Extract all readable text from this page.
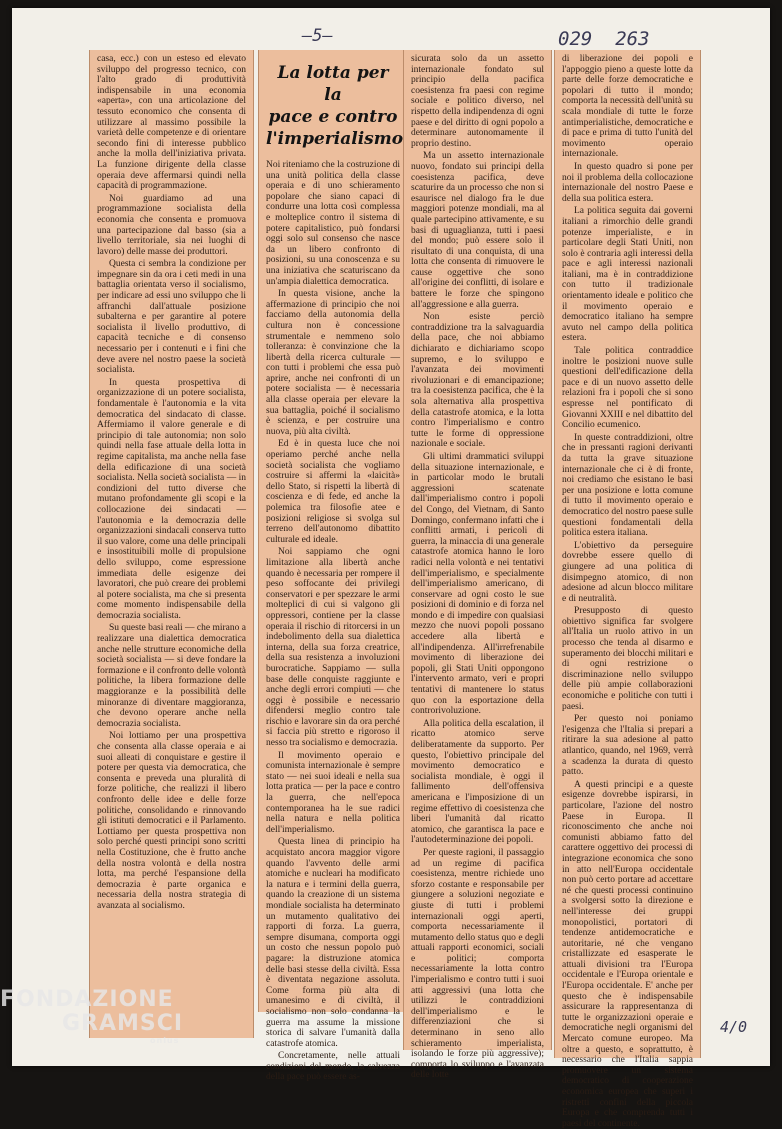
—5—	029  263
4/0

casa, ecc.) con un esteso ed elevato sviluppo del progresso tecnico, con l'alto grado di produttività indispensabile in una economia «aperta», con una articolazione del tessuto economico che consenta di utilizzare al massimo possibile la varietà delle competenze e di orientare secondo fini di interesse pubblico anche la molla dell'iniziativa privata. La funzione dirigente della classe operaia deve affermarsi quindi nella capacità di programmazione.

Noi guardiamo ad una programmazione socialista della economia che consenta e promuova una partecipazione dal basso (sia a livello territoriale, sia nei luoghi di lavoro) delle masse dei produttori.

Questa ci sembra la condizione per impegnare sin da ora i ceti medi in una battaglia orientata verso il socialismo, per indicare ad essi uno sviluppo che li affranchi dall'attuale posizione subalterna e per garantire al potere socialista il livello produttivo, di capacità tecniche e di consenso necessario per i contenuti e i fini che deve avere nel nostro paese la società socialista.

In questa prospettiva di organizzazione di un potere socialista, fondamentale è l'autonomia e la vita democratica del sindacato di classe. Affermiamo il valore generale e di principio di tale autonomia; non solo quindi nella fase attuale della lotta in regime capitalista, ma anche nella fase della edificazione di una società socialista. Nella società socialista — in condizioni del tutto diverse che mutano profondamente gli scopi e la collocazione dei sindacati — l'autonomia e la democrazia delle organizzazioni sindacali conserva tutto il suo valore, come una delle principali e insostituibili molle di propulsione dello sviluppo, come espressione immediata delle esigenze dei lavoratori, che può creare dei problemi al potere socialista, ma che si presenta come momento indispensabile della democrazia socialista.

Su queste basi reali — che mirano a realizzare una dialettica democratica anche nelle strutture economiche della società socialista — si deve fondare la formazione e il confronto delle volontà politiche, la libera formazione delle maggioranze e la possibilità delle minoranze di diventare maggioranza, che devono operare anche nella democrazia socialista.

Noi lottiamo per una prospettiva che consenta alla classe operaia e ai suoi alleati di conquistare e gestire il potere per questa via democratica, che consenta e preveda una pluralità di forze politiche, che realizzi il libero confronto delle idee e delle forze politiche, consolidando e rinnovando gli istituti democratici e il Parlamento. Lottiamo per questa prospettiva non solo perché questi principi sono scritti nella Costituzione, che è frutto anche della nostra volontà e della nostra lotta, ma perché l'espansione della democrazia è parte organica e necessaria della nostra strategia di avanzata al socialismo.

La lotta per la
pace e contro
l'imperialismo

Noi riteniamo che la costruzione di una unità politica della classe operaia e di uno schieramento popolare che siano capaci di condurre una lotta così complessa e molteplice contro il sistema di potere capitalistico, può fondarsi oggi solo sul consenso che nasce da un libero confronto di posizioni, su una conoscenza e su una iniziativa che scaturiscano da un'ampia dialettica democratica.

In questa visione, anche la affermazione di principio che noi facciamo della autonomia della cultura non è concessione strumentale e nemmeno solo tolleranza: è convinzione che la libertà della ricerca culturale — con tutti i problemi che essa può aprire, anche nei confronti di un potere socialista — è necessaria alla classe operaia per elevare la sua battaglia, poiché il socialismo è scienza, e per costruire una nuova, più alta civiltà.

Ed è in questa luce che noi operiamo perché anche nella società socialista che vogliamo costruire si affermi la «laicità» dello Stato, si rispetti la libertà di coscienza e di fede, ed anche la polemica tra filosofie atee e posizioni religiose si svolga sul terreno dell'autonomo dibattito culturale ed ideale.

Noi sappiamo che ogni limitazione alla libertà anche quando è necessaria per rompere il peso soffocante dei privilegi conservatori e per spezzare le armi molteplici di cui si valgono gli oppressori, contiene per la classe operaia il rischio di ritorcersi in un indebolimento della sua dialettica interna, della sua forza creatrice, della sua resistenza a involuzioni burocratiche. Sappiamo — sulla base delle conquiste raggiunte e anche degli errori compiuti — che oggi è possibile e necessario difendersi meglio contro tale rischio e lavorare sin da ora perché si faccia più stretto e rigoroso il nesso tra socialismo e democrazia.

Il movimento operaio e comunista internazionale è sempre stato — nei suoi ideali e nella sua lotta pratica — per la pace e contro la guerra, che nell'epoca contemporanea ha le sue radici nella natura e nella politica dell'imperialismo.

Questa linea di principio ha acquistato ancora maggior vigore quando l'avvento delle armi atomiche e nucleari ha modificato la natura e i termini della guerra, quando la creazione di un sistema mondiale socialista ha determinato un mutamento qualitativo dei rapporti di forza. La guerra, sempre disumana, comporta oggi un costo che nessun popolo può pagare: la distruzione atomica delle basi stesse della civiltà. Essa è diventata negazione assoluta. Come forma più alta di umanesimo e di civiltà, il socialismo non solo condanna la guerra ma assume la missione storica di salvare l'umanità dalla catastrofe atomica.

Concretamente, nelle attuali condizioni del mondo, la salvezza della pace può essere as-

sicurata solo da un assetto internazionale fondato sul principio della pacifica coesistenza fra paesi con regime sociale e politico diverso, nel rispetto della indipendenza di ogni paese e del diritto di ogni popolo a determinare autonomamente il proprio destino.

Ma un assetto internazionale nuovo, fondato sui principi della coesistenza pacifica, deve scaturire da un processo che non si esaurisce nel dialogo fra le due maggiori potenze mondiali, ma al quale partecipino attivamente, e su basi di uguaglianza, tutti i paesi del mondo; può essere solo il risultato di una conquista, di una lotta che consenta di rimuovere le cause oggettive che sono all'origine dei conflitti, di isolare e battere le forze che spingono all'aggressione e alla guerra.

Non esiste perciò contraddizione tra la salvaguardia della pace, che noi abbiamo dichiarato e dichiariamo scopo supremo, e lo sviluppo e l'avanzata dei movimenti rivoluzionari e di emancipazione; tra la coesistenza pacifica, che è la sola alternativa alla prospettiva della catastrofe atomica, e la lotta contro l'imperialismo e contro tutte le forme di oppressione nazionale e sociale.

Gli ultimi drammatici sviluppi della situazione internazionale, e in particolar modo le brutali aggressioni scatenate dall'imperialismo contro i popoli del Congo, del Vietnam, di Santo Domingo, confermano infatti che i conflitti armati, i pericoli di guerra, la minaccia di una generale catastrofe atomica hanno le loro radici nella volontà e nei tentativi dell'imperialismo, e specialmente dell'imperialismo americano, di conservare ad ogni costo le sue posizioni di dominio e di forza nel mondo e di impedire con qualsiasi mezzo che nuovi popoli possano accedere alla libertà e all'indipendenza. All'irrefrenabile movimento di liberazione dei popoli, gli Stati Uniti oppongono l'intervento armato, veri e propri tentativi di mantenere lo status quo con la esportazione della controrivoluzione.

Alla politica della escalation, il ricatto atomico serve deliberatamente da supporto. Per questo, l'obiettivo principale del movimento democratico e socialista mondiale, è oggi il fallimento dell'offensiva americana e l'imposizione di un regime effettivo di coesistenza che liberi l'umanità dal ricatto atomico, che garantisca la pace e l'autodeterminazione dei popoli.

Per queste ragioni, il passaggio ad un regime di pacifica coesistenza, mentre richiede uno sforzo costante e responsabile per giungere a soluzioni negoziate e giuste di tutti i problemi internazionali oggi aperti, comporta necessariamente il mutamento dello status quo e degli attuali rapporti economici, sociali e politici; comporta necessariamente la lotta contro l'imperialismo e contro tutti i suoi atti aggressivi (una lotta che utilizzi le contraddizioni dell'imperialismo e le differenziazioni che si determinano in seno allo schieramento imperialista, isolando le forze più aggressive); comporta lo sviluppo e l'avanzata delle lotte

di liberazione dei popoli e l'appoggio pieno a queste lotte da parte delle forze democratiche e popolari di tutto il mondo; comporta la necessità dell'unità su scala mondiale di tutte le forze antimperialistiche, democratiche e di pace e prima di tutto l'unità del movimento operaio internazionale.

In questo quadro si pone per noi il problema della collocazione internazionale del nostro Paese e della sua politica estera.

La politica seguita dai governi italiani a rimorchio delle grandi potenze imperialiste, e in particolare degli Stati Uniti, non solo è contraria agli interessi della pace e agli interessi nazionali italiani, ma è in contraddizione con tutto il tradizionale orientamento ideale e politico che il movimento operaio e democratico italiano ha sempre avuto nel campo della politica estera.

Tale politica contraddice inoltre le posizioni nuove sulle questioni dell'edificazione della pace e di un nuovo assetto delle relazioni fra i popoli che si sono espresse nel pontificato di Giovanni XXIII e nel dibattito del Concilio ecumenico.

In queste contraddizioni, oltre che in pressanti ragioni derivanti da tutta la grave situazione internazionale che ci è di fronte, noi crediamo che esistano le basi per una posizione e lotta comune di tutto il movimento operaio e democratico del nostro paese sulle questioni fondamentali della politica estera italiana.

L'obiettivo da perseguire dovrebbe essere quello di giungere ad una politica di disimpegno atomico, di non adesione ad alcun blocco militare e di neutralità.

Presupposto di questo obiettivo significa far svolgere all'Italia un ruolo attivo in un processo che tenda al disarmo e superamento dei blocchi militari e di ogni restrizione o discriminazione nello sviluppo delle più ampie collaborazioni economiche e politiche con tutti i paesi.

Per questo noi poniamo l'esigenza che l'Italia si prepari a ritirare la sua adesione al patto atlantico, quando, nel 1969, verrà a scadenza la durata di questo patto.

A questi principi e a queste esigenze dovrebbe ispirarsi, in particolare, l'azione del nostro Paese in Europa. Il riconoscimento che anche noi comunisti abbiamo fatto del carattere oggettivo dei processi di integrazione economica che sono in atto nell'Europa occidentale non può certo portare ad accettare né che questi processi continuino a svolgersi sotto la direzione e nell'interesse dei gruppi monopolistici, portatori di tendenze antidemocratiche e autoritarie, né che vengano cristallizzate ed esasperate le attuali divisioni tra l'Europa occidentale e l'Europa orientale e l'Europa occidentale. E' anche per questo che è indispensabile assicurare la rappresentanza di tutte le organizzazioni operaie e democratiche negli organismi del Mercato comune europeo. Ma oltre a questo, e soprattutto, è necessario che l'Italia sappia promuovere un sistema democratico di cooperazione economica europea che superi i ristretti confini della piccola Europa e che comprenda tutti i paesi del continente.

FONDAZIONE
GRAMSCI
onlus
